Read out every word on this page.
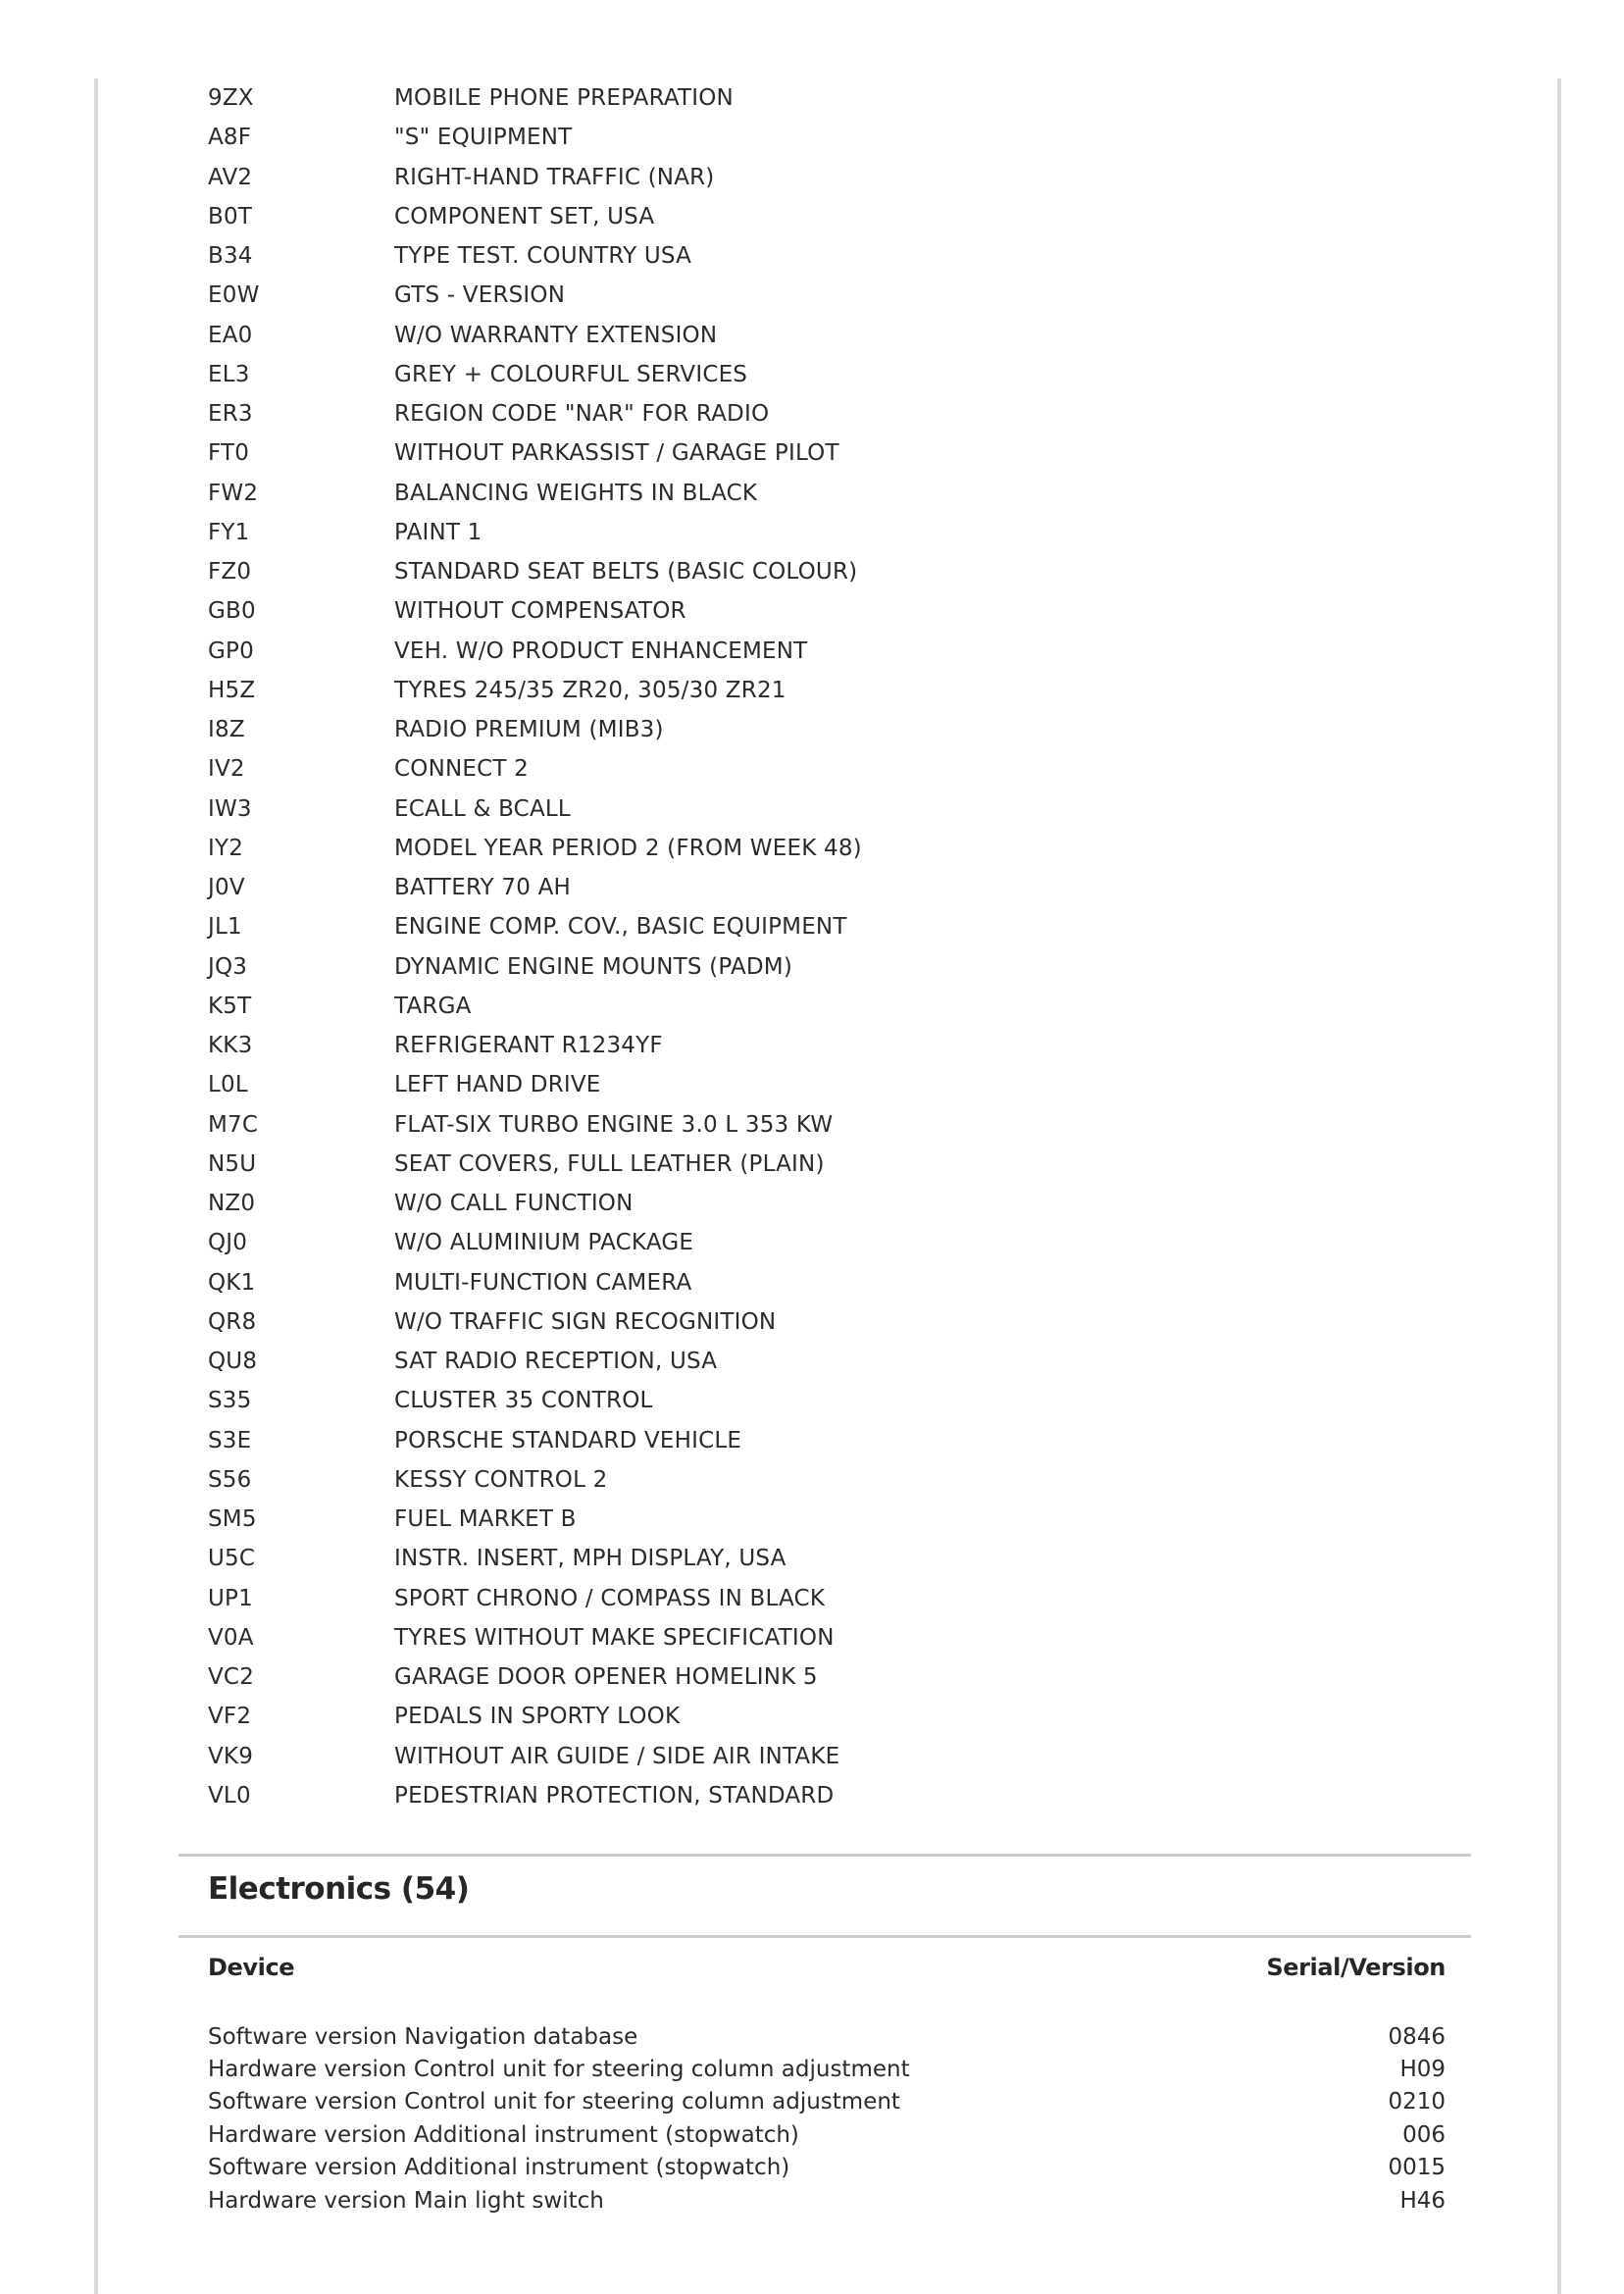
9ZX	MOBILE PHONE PREPARATION
A8F	"S" EQUIPMENT
AV2	RIGHT-HAND TRAFFIC (NAR)
B0T	COMPONENT SET, USA
B34	TYPE TEST. COUNTRY USA
E0W	GTS - VERSION
EA0	W/O WARRANTY EXTENSION
EL3	GREY + COLOURFUL SERVICES
ER3	REGION CODE "NAR" FOR RADIO
FT0	WITHOUT PARKASSIST / GARAGE PILOT
FW2	BALANCING WEIGHTS IN BLACK
FY1	PAINT 1
FZ0	STANDARD SEAT BELTS (BASIC COLOUR)
GB0	WITHOUT COMPENSATOR
GP0	VEH. W/O PRODUCT ENHANCEMENT
H5Z	TYRES 245/35 ZR20, 305/30 ZR21
I8Z	RADIO PREMIUM (MIB3)
IV2	CONNECT 2
IW3	ECALL & BCALL
IY2	MODEL YEAR PERIOD 2 (FROM WEEK 48)
J0V	BATTERY 70 AH
JL1	ENGINE COMP. COV., BASIC EQUIPMENT
JQ3	DYNAMIC ENGINE MOUNTS (PADM)
K5T	TARGA
KK3	REFRIGERANT R1234YF
L0L	LEFT HAND DRIVE
M7C	FLAT-SIX TURBO ENGINE 3.0 L 353 KW
N5U	SEAT COVERS, FULL LEATHER (PLAIN)
NZ0	W/O CALL FUNCTION
QJ0	W/O ALUMINIUM PACKAGE
QK1	MULTI-FUNCTION CAMERA
QR8	W/O TRAFFIC SIGN RECOGNITION
QU8	SAT RADIO RECEPTION, USA
S35	CLUSTER 35 CONTROL
S3E	PORSCHE STANDARD VEHICLE
S56	KESSY CONTROL 2
SM5	FUEL MARKET B
U5C	INSTR. INSERT, MPH DISPLAY, USA
UP1	SPORT CHRONO / COMPASS IN BLACK
V0A	TYRES WITHOUT MAKE SPECIFICATION
VC2	GARAGE DOOR OPENER HOMELINK 5
VF2	PEDALS IN SPORTY LOOK
VK9	WITHOUT AIR GUIDE / SIDE AIR INTAKE
VL0	PEDESTRIAN PROTECTION, STANDARD
Electronics (54)
Device	Serial/Version
Software version Navigation database	0846
Hardware version Control unit for steering column adjustment	H09
Software version Control unit for steering column adjustment	0210
Hardware version Additional instrument (stopwatch)	006
Software version Additional instrument (stopwatch)	0015
Hardware version Main light switch	H46
